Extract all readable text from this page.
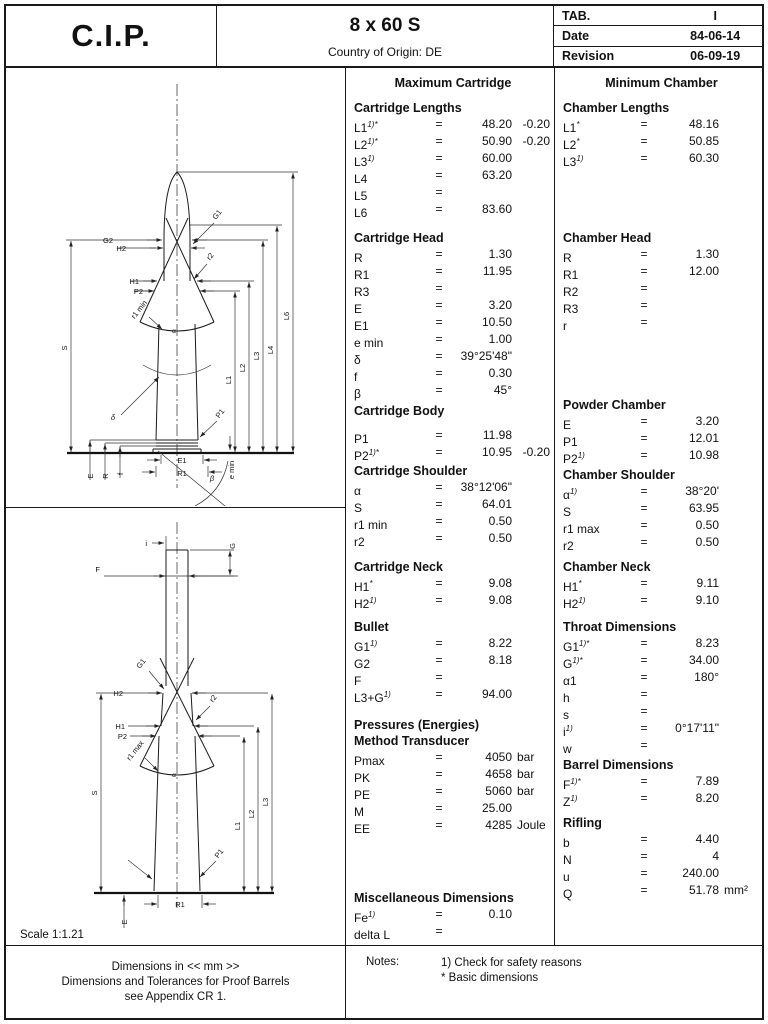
C.I.P.	8 x 60 S
Country of Origin: DE
TAB.	I
Date	84-06-14
Revision	06-09-19
G2
H2
H1
P2
r1 min
G1
r2
δ
α
P1
S
L1
L2
L3
L4
L6
E1
R1
E R f	β e min
i	G
F
G1
H2	r2
H1
P2
r1 max
α
S
L1
L2
L3
P1
R1
E
Scale 1:1.21
Maximum Cartridge
Cartridge Lengths
$L1^{1)*}$	=	48.20 -0.20
$L2^{1)*}$	=	50.90 -0.20
$L3^{1)}$	=	60.00
L4	=	63.20
L5	=
L6	=	83.60
Cartridge Head
R	=	1.30
R1	=	11.95
R3	=
E	=	3.20
E1	=	10.50
e min	=	1.00
δ	=	39°25'48"
f	=	0.30
β	=	45°
Cartridge Body
P1	=	11.98
$P2^{1)*}$	=	10.95 -0.20
Cartridge Shoulder
α	=	38°12'06"
S	=	64.01
r1 min	=	0.50
r2	=	0.50
Cartridge Neck
H1*	=	9.08
$H2^{1)}$	=	9.08
Bullet
$G1^{1)}$	=	8.22
G2	=	8.18
F	=
$L3+G^{1)}$	=	94.00
Pressures (Energies)
Method Transducer
Pmax	=	4050 bar
PK	=	4658 bar
PE	=	5060 bar
M	=	25.00
EE	=	4285 Joule
Miscellaneous Dimensions
$Fe^{1)}$	=	0.10
delta L	=
Minimum Chamber
Chamber Lengths
L1*	=	48.16
L2*	=	50.85
$L3^{1)}$	=	60.30
Chamber Head
R	=	1.30
R1	=	12.00
R2	=
R3	=
r	=
Powder Chamber
E	=	3.20
P1	=	12.01
$P2^{1)}$	=	10.98
Chamber Shoulder
$\alpha^{1)}$	=	38°20'
S	=	63.95
r1 max	=	0.50
r2	=	0.50
Chamber Neck
H1*	=	9.11
$H2^{1)}$	=	9.10
Throat Dimensions
$G1^{1)*}$	=	8.23
$G^{1)*}$	=	34.00
α1	=	180°
h	=
s	=
$i^{1)}$	=	0°17'11"
w	=
Barrel Dimensions
$F^{1)*}$	=	7.89
$Z^{1)}$	=	8.20
Rifling
b	=	4.40
N	=	4
u	=	240.00
Q	=	51.78 mm²
Dimensions in << mm >>
Dimensions and Tolerances for Proof Barrels
see Appendix CR 1.
Notes:	1) Check for safety reasons
* Basic dimensions
